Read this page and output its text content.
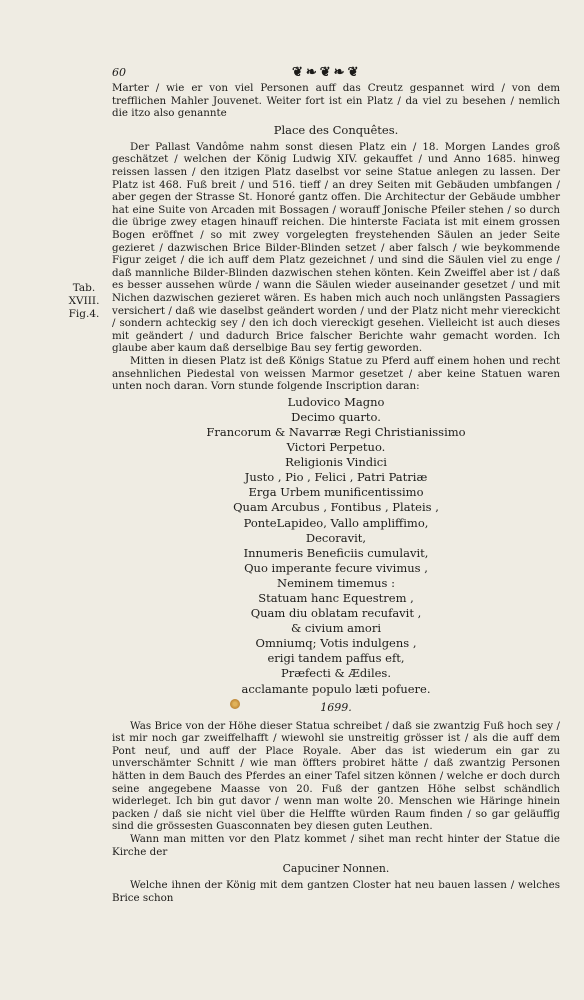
60	❦❧❦❧❦
Tab.
XVIII.
Fig.4.

Marter / wie er von viel Personen auff das Creutz gespannet wird / von dem trefflichen Mahler Jouvenet. Weiter fort ist ein Platz / da viel zu besehen / nemlich die itzo also genannte

Place des Conquêtes.

Der Pallast Vandôme nahm sonst diesen Platz ein / 18. Morgen Landes groß geschätzet / welchen der König Ludwig XIV. gekauffet / und Anno 1685. hinweg reissen lassen / den itzigen Platz daselbst vor seine Statue anlegen zu lassen. Der Platz ist 468. Fuß breit / und 516. tieff / an drey Seiten mit Gebäuden umbfangen / aber gegen der Strasse St. Honoré gantz offen. Die Architectur der Gebäude umbher hat eine Suite von Arcaden mit Bossagen / worauff Jonische Pfeiler stehen / so durch die übrige zwey etagen hinauff reichen. Die hinterste Faciata ist mit einem grossen Bogen eröffnet / so mit zwey vorgelegten freystehenden Säulen an jeder Seite gezieret / dazwischen Brice Bilder-Blinden setzet / aber falsch / wie beykommende Figur zeiget / die ich auff dem Platz gezeichnet / und sind die Säulen viel zu enge / daß mannliche Bilder-Blinden dazwischen stehen könten. Kein Zweiffel aber ist / daß es besser aussehen würde / wann die Säulen wieder auseinander gesetzet / und mit Nichen dazwischen gezieret wären. Es haben mich auch noch unlängsten Passagiers versichert / daß wie daselbst geändert worden / und der Platz nicht mehr viereckicht / sondern achteckig sey / den ich doch viereckigt gesehen. Vielleicht ist auch dieses mit geändert / und dadurch Brice falscher Berichte wahr gemacht worden. Ich glaube aber kaum daß derselbige Bau sey fertig geworden.

Mitten in diesen Platz ist deß Königs Statue zu Pferd auff einem hohen und recht ansehnlichen Piedestal von weissen Marmor gesetzet / aber keine Statuen waren unten noch daran. Vorn stunde folgende Inscription daran:

Ludovico Magno

Decimo quarto.

Francorum & Navarræ Regi Christianissimo

Victori Perpetuo.

Religionis Vindici

Justo , Pio , Felici , Patri Patriæ

Erga Urbem munificentissimo

Quam Arcubus , Fontibus , Plateis ,

PonteLapideo, Vallo ampliffimo,

Decoravit,

Innumeris Beneficiis cumulavit,

Quo imperante fecure vivimus ,

Neminem timemus :

Statuam hanc Equestrem ,

Quam diu oblatam recufavit ,

& civium amori

Omniumq; Votis indulgens ,

erigi tandem paffus eft,

Præfecti & Ædiles.

acclamante populo læti pofuere.

1699.

Was Brice von der Höhe dieser Statua schreibet / daß sie zwantzig Fuß hoch sey / ist mir noch gar zweiffelhafft / wiewohl sie unstreitig grösser ist / als die auff dem Pont neuf, und auff der Place Royale. Aber das ist wiederum ein gar zu unverschämter Schnitt / wie man öffters probiret hätte / daß zwantzig Personen hätten in dem Bauch des Pferdes an einer Tafel sitzen können / welche er doch durch seine angegebene Maasse von 20. Fuß der gantzen Höhe selbst schändlich widerleget. Ich bin gut davor / wenn man wolte 20. Menschen wie Häringe hinein packen / daß sie nicht viel über die Helffte würden Raum finden / so gar geläuffig sind die grössesten Guasconnaten bey diesen guten Leuthen.

Wann man mitten vor den Platz kommet / sihet man recht hinter der Statue die Kirche der

Capuciner Nonnen.

Welche ihnen der König mit dem gantzen Closter hat neu bauen lassen / welches Brice schon
